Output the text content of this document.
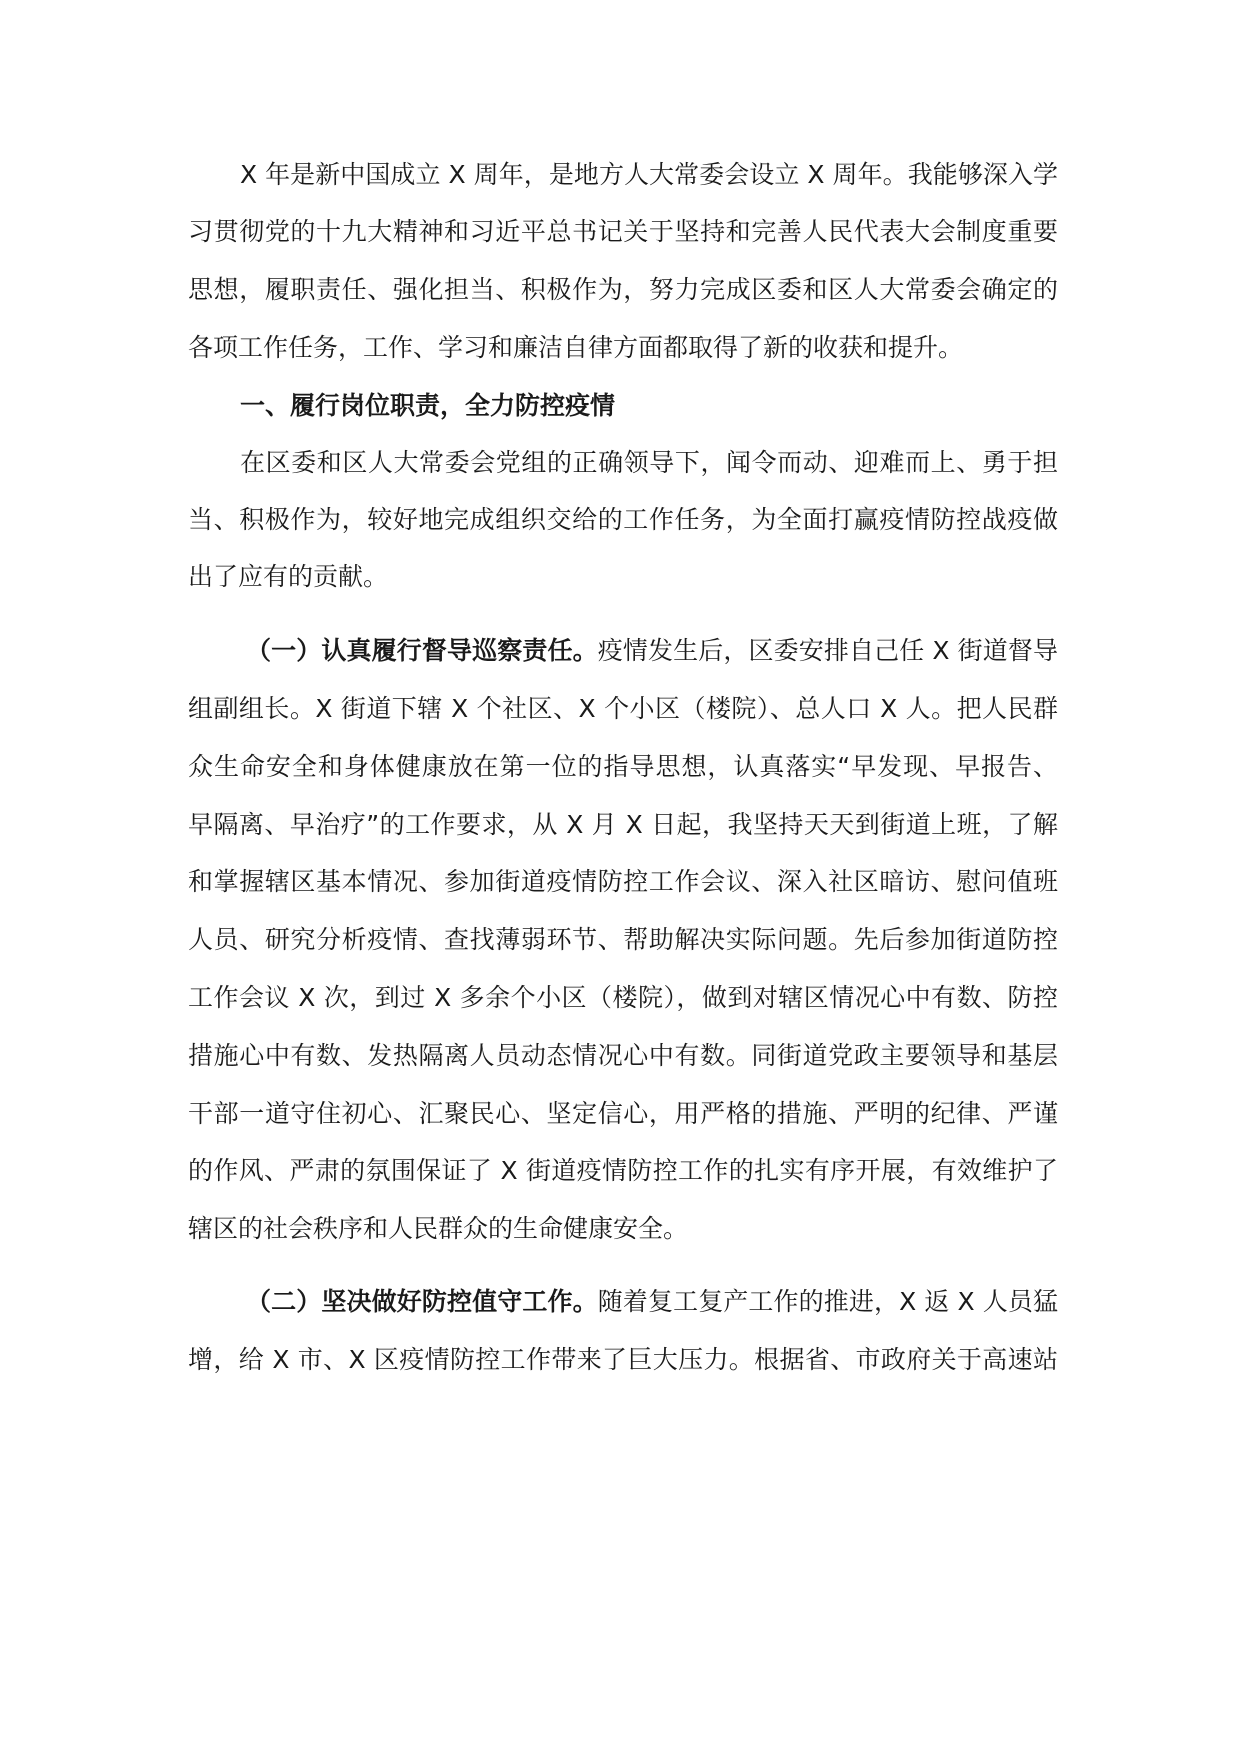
X 年是新中国成立 X 周年，是地方人大常委会设立 X 周年。我能够深入学
习贯彻党的十九大精神和习近平总书记关于坚持和完善人民代表大会制度重要
思想，履职责任、强化担当、积极作为，努力完成区委和区人大常委会确定的
各项工作任务，工作、学习和廉洁自律方面都取得了新的收获和提升。
一、履行岗位职责，全力防控疫情
在区委和区人大常委会党组的正确领导下，闻令而动、迎难而上、勇于担
当、积极作为，较好地完成组织交给的工作任务，为全面打赢疫情防控战疫做
出了应有的贡献。
（一）认真履行督导巡察责任。疫情发生后，区委安排自己任 X 街道督导
组副组长。X 街道下辖 X 个社区、X 个小区（楼院）、总人口 X 人。把人民群
众生命安全和身体健康放在第一位的指导思想，认真落实“早发现、早报告、
早隔离、早治疗”的工作要求，从 X 月 X 日起，我坚持天天到街道上班，了解
和掌握辖区基本情况、参加街道疫情防控工作会议、深入社区暗访、慰问值班
人员、研究分析疫情、查找薄弱环节、帮助解决实际问题。先后参加街道防控
工作会议 X 次，到过 X 多余个小区（楼院），做到对辖区情况心中有数、防控
措施心中有数、发热隔离人员动态情况心中有数。同街道党政主要领导和基层
干部一道守住初心、汇聚民心、坚定信心，用严格的措施、严明的纪律、严谨
的作风、严肃的氛围保证了 X 街道疫情防控工作的扎实有序开展，有效维护了
辖区的社会秩序和人民群众的生命健康安全。
（二）坚决做好防控值守工作。随着复工复产工作的推进，X 返 X 人员猛
增，给 X 市、X 区疫情防控工作带来了巨大压力。根据省、市政府关于高速站
